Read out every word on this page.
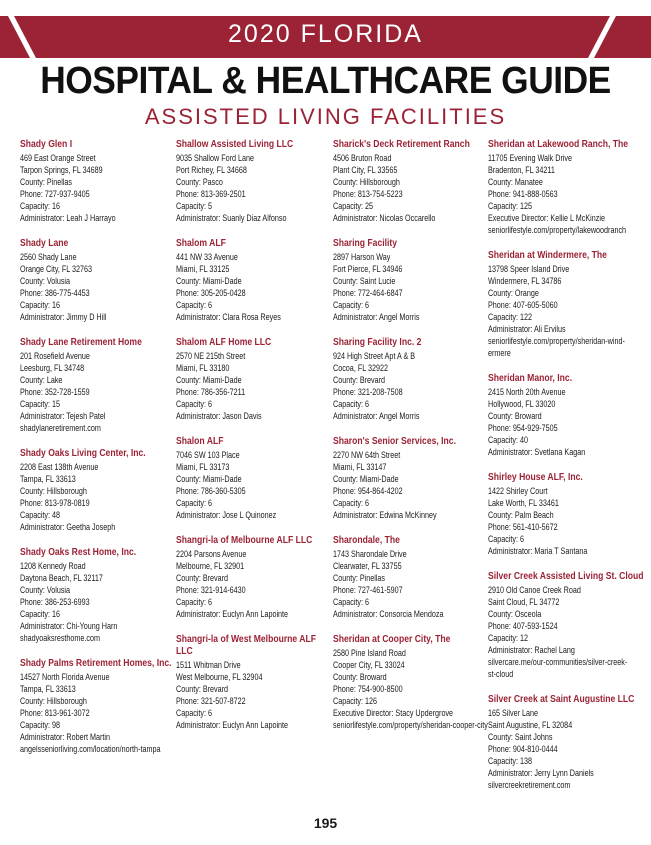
2020 FLORIDA
HOSPITAL & HEALTHCARE GUIDE
ASSISTED LIVING FACILITIES
Shady Glen I
469 East Orange Street
Tarpon Springs, FL 34689
County: Pinellas
Phone: 727-937-9405
Capacity: 16
Administrator: Leah J Harrayo
Shady Lane
2560 Shady Lane
Orange City, FL 32763
County: Volusia
Phone: 386-775-4453
Capacity: 16
Administrator: Jimmy D Hill
Shady Lane Retirement Home
201 Rosefield Avenue
Leesburg, FL 34748
County: Lake
Phone: 352-728-1559
Capacity: 15
Administrator: Tejesh Patel
shadylaneretirement.com
Shady Oaks Living Center, Inc.
2208 East 138th Avenue
Tampa, FL 33613
County: Hillsborough
Phone: 813-978-0819
Capacity: 48
Administrator: Geetha Joseph
Shady Oaks Rest Home, Inc.
1208 Kennedy Road
Daytona Beach, FL 32117
County: Volusia
Phone: 386-253-6993
Capacity: 16
Administrator: Chi-Young Harn
shadyoaksresthome.com
Shady Palms Retirement Homes, Inc.
14527 North Florida Avenue
Tampa, FL 33613
County: Hillsborough
Phone: 813-961-3072
Capacity: 98
Administrator: Robert Martin
angelsseniorliving.com/location/north-tampa
Shallow Assisted Living LLC
9035 Shallow Ford Lane
Port Richey, FL 34668
County: Pasco
Phone: 813-369-2501
Capacity: 5
Administrator: Suanly Diaz Alfonso
Shalom ALF
441 NW 33 Avenue
Miami, FL 33125
County: Miami-Dade
Phone: 305-205-0428
Capacity: 6
Administrator: Clara Rosa Reyes
Shalom ALF Home LLC
2570 NE 215th Street
Miami, FL 33180
County: Miami-Dade
Phone: 786-356-7211
Capacity: 6
Administrator: Jason Davis
Shalon ALF
7046 SW 103 Place
Miami, FL 33173
County: Miami-Dade
Phone: 786-360-5305
Capacity: 6
Administrator: Jose L Quinonez
Shangri-la of Melbourne ALF LLC
2204 Parsons Avenue
Melbourne, FL 32901
County: Brevard
Phone: 321-914-6430
Capacity: 6
Administrator: Euclyn Ann Lapointe
Shangri-la of West Melbourne ALF LLC
1511 Whitman Drive
West Melbourne, FL 32904
County: Brevard
Phone: 321-507-8722
Capacity: 6
Administrator: Euclyn Ann Lapointe
Sharick's Deck Retirement Ranch
4506 Bruton Road
Plant City, FL 33565
County: Hillsborough
Phone: 813-754-5223
Capacity: 25
Administrator: Nicolas Occarello
Sharing Facility
2897 Harson Way
Fort Pierce, FL 34946
County: Saint Lucie
Phone: 772-464-6847
Capacity: 6
Administrator: Angel Morris
Sharing Facility Inc. 2
924 High Street Apt A & B
Cocoa, FL 32922
County: Brevard
Phone: 321-208-7508
Capacity: 6
Administrator: Angel Morris
Sharon's Senior Services, Inc.
2270 NW 64th Street
Miami, FL 33147
County: Miami-Dade
Phone: 954-864-4202
Capacity: 6
Administrator: Edwina McKinney
Sharondale, The
1743 Sharondale Drive
Clearwater, FL 33755
County: Pinellas
Phone: 727-461-5907
Capacity: 6
Administrator: Consorcia Mendoza
Sheridan at Cooper City, The
2580 Pine Island Road
Cooper City, FL 33024
County: Broward
Phone: 754-900-8500
Capacity: 126
Executive Director: Stacy Updergrove
seniorlifestyle.com/property/sheridan-cooper-city
Sheridan at Lakewood Ranch, The
11705 Evening Walk Drive
Bradenton, FL 34211
County: Manatee
Phone: 941-888-0563
Capacity: 125
Executive Director: Kellie L McKinzie
seniorlifestyle.com/property/lakewoodranch
Sheridan at Windermere, The
13798 Speer Island Drive
Windermere, FL 34786
County: Orange
Phone: 407-605-5060
Capacity: 122
Administrator: Ali Ervilus
seniorlifestyle.com/property/sheridan-wind-
ermere
Sheridan Manor, Inc.
2415 North 20th Avenue
Hollywood, FL 33020
County: Broward
Phone: 954-929-7505
Capacity: 40
Administrator: Svetlana Kagan
Shirley House ALF, Inc.
1422 Shirley Court
Lake Worth, FL 33461
County: Palm Beach
Phone: 561-410-5672
Capacity: 6
Administrator: Maria T Santana
Silver Creek Assisted Living St. Cloud
2910 Old Canoe Creek Road
Saint Cloud, FL 34772
County: Osceola
Phone: 407-593-1524
Capacity: 12
Administrator: Rachel Lang
silvercare.me/our-communities/silver-creek-
st-cloud
Silver Creek at Saint Augustine LLC
165 Silver Lane
Saint Augustine, FL 32084
County: Saint Johns
Phone: 904-810-0444
Capacity: 138
Administrator: Jerry Lynn Daniels
silvercreekretirement.com
195
